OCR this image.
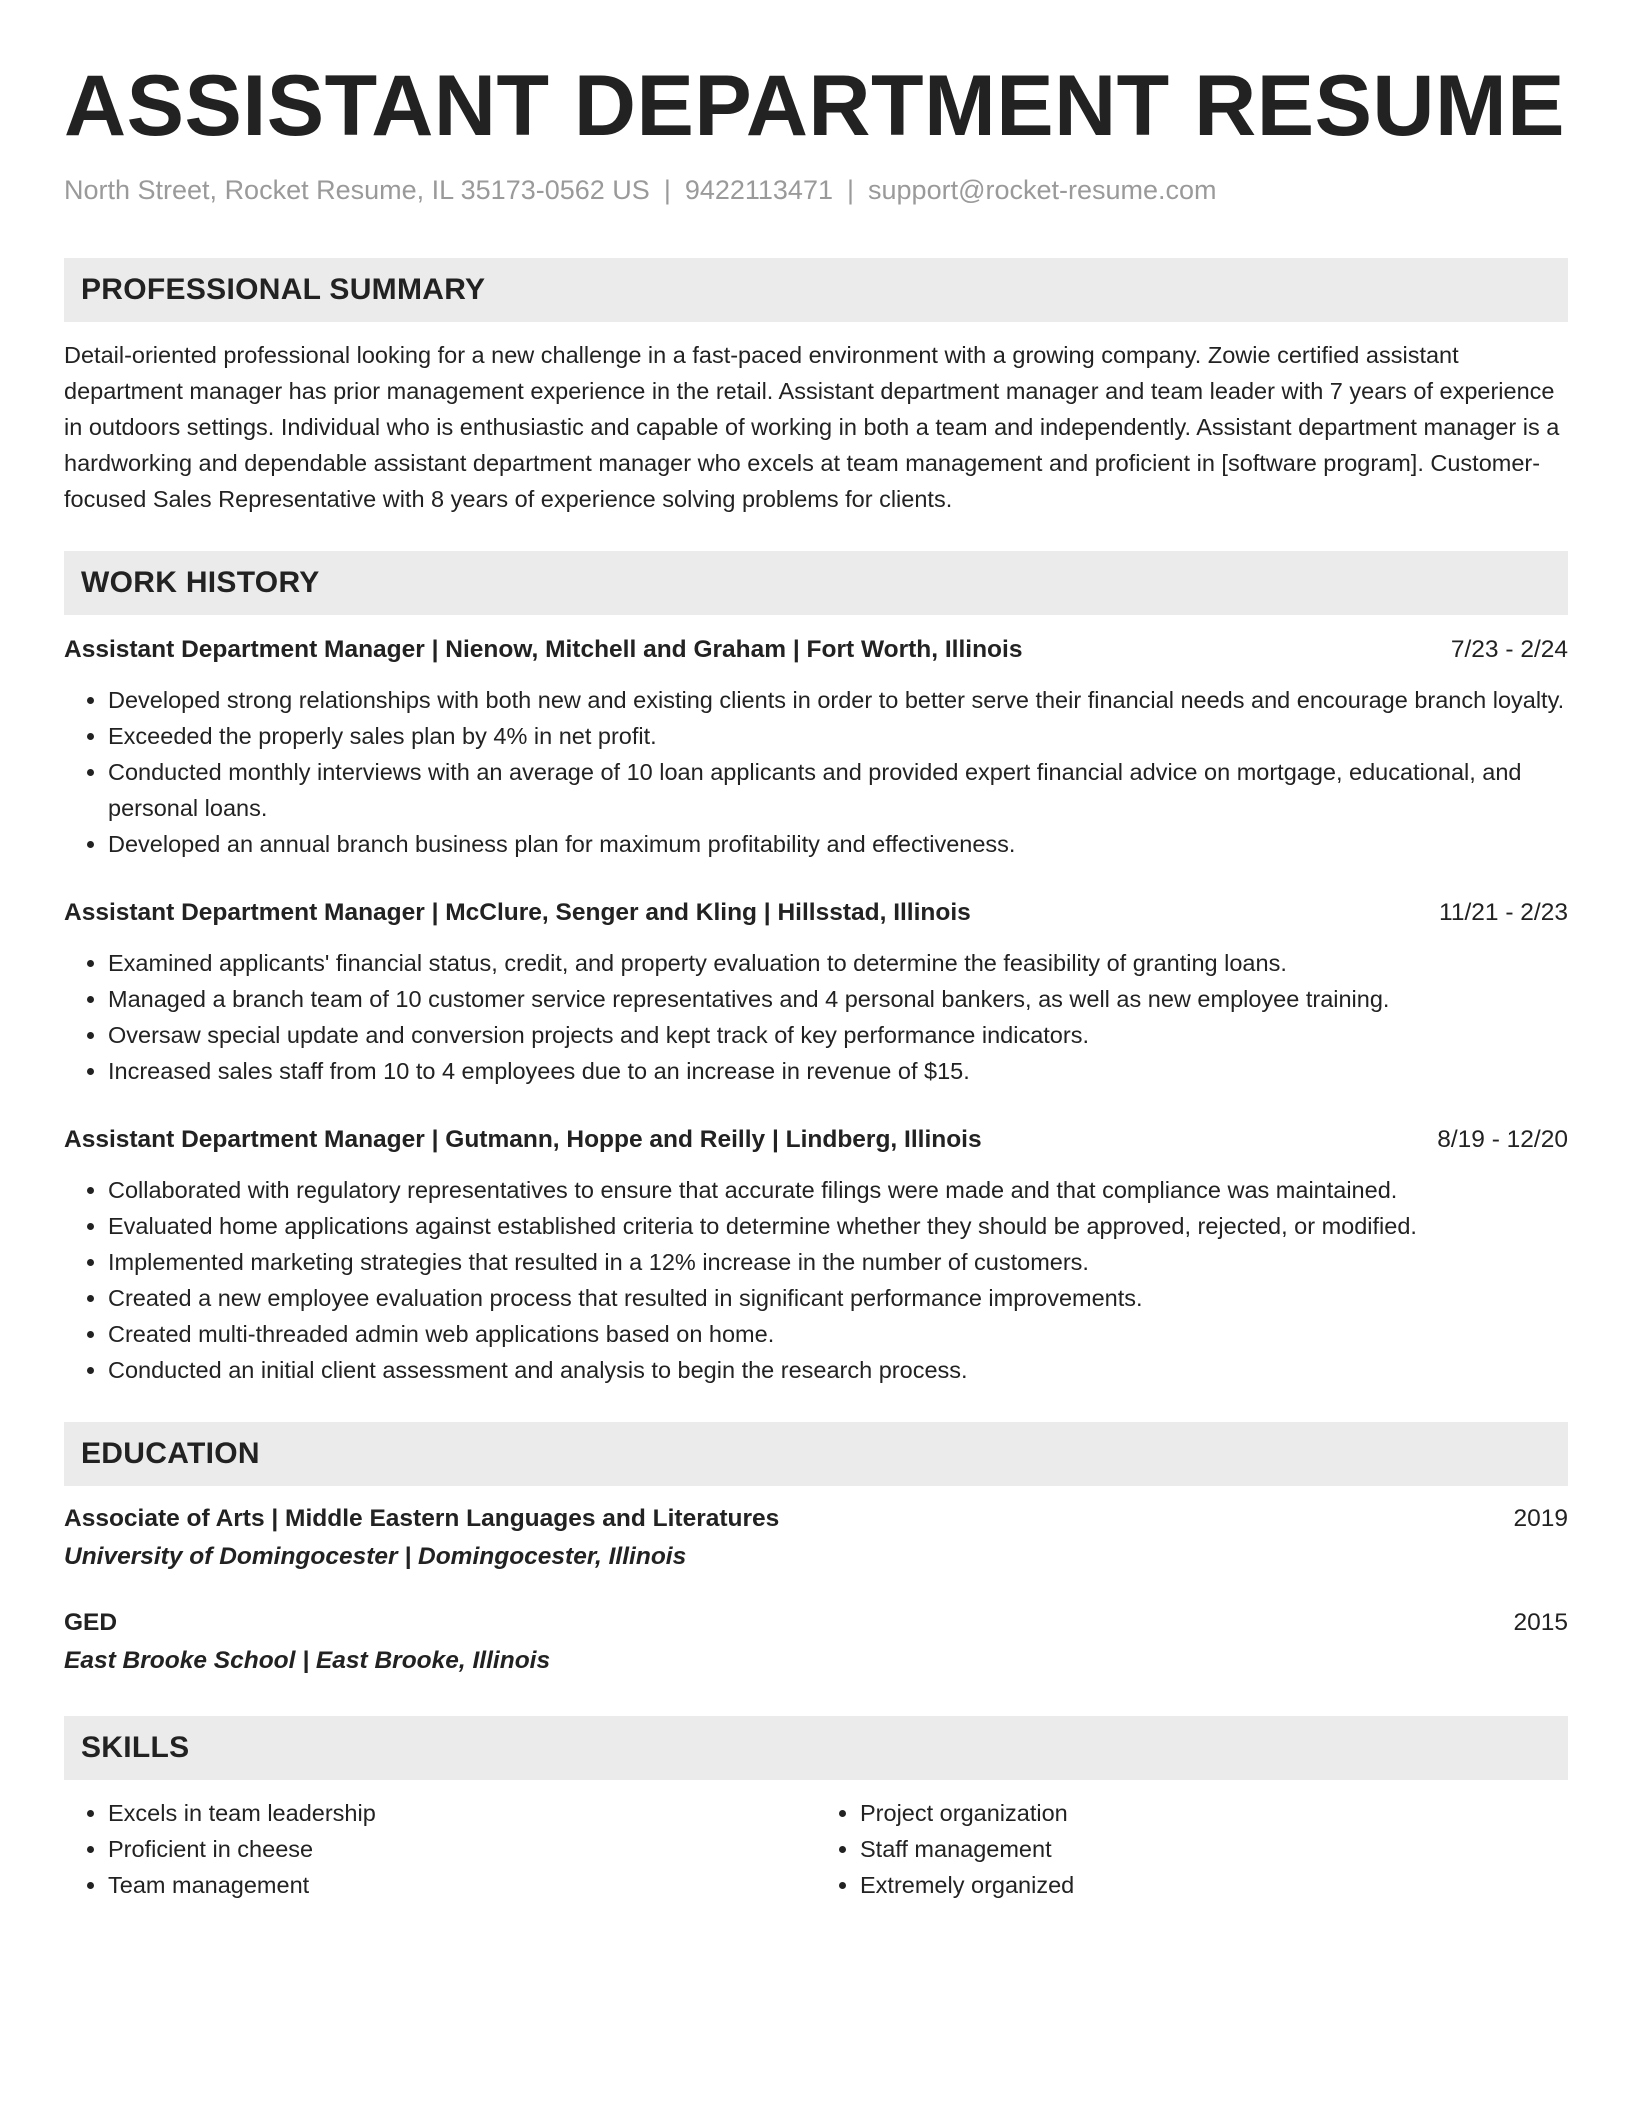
ASSISTANT DEPARTMENT RESUME
North Street, Rocket Resume, IL 35173-0562 US | 9422113471 | support@rocket-resume.com
PROFESSIONAL SUMMARY
Detail-oriented professional looking for a new challenge in a fast-paced environment with a growing company. Zowie certified assistant department manager has prior management experience in the retail. Assistant department manager and team leader with 7 years of experience in outdoors settings. Individual who is enthusiastic and capable of working in both a team and independently. Assistant department manager is a hardworking and dependable assistant department manager who excels at team management and proficient in [software program]. Customer-focused Sales Representative with 8 years of experience solving problems for clients.
WORK HISTORY
Assistant Department Manager | Nienow, Mitchell and Graham | Fort Worth, Illinois	7/23 - 2/24
• Developed strong relationships with both new and existing clients in order to better serve their financial needs and encourage branch loyalty.
• Exceeded the properly sales plan by 4% in net profit.
• Conducted monthly interviews with an average of 10 loan applicants and provided expert financial advice on mortgage, educational, and personal loans.
• Developed an annual branch business plan for maximum profitability and effectiveness.
Assistant Department Manager | McClure, Senger and Kling | Hillsstad, Illinois	11/21 - 2/23
• Examined applicants' financial status, credit, and property evaluation to determine the feasibility of granting loans.
• Managed a branch team of 10 customer service representatives and 4 personal bankers, as well as new employee training.
• Oversaw special update and conversion projects and kept track of key performance indicators.
• Increased sales staff from 10 to 4 employees due to an increase in revenue of $15.
Assistant Department Manager | Gutmann, Hoppe and Reilly | Lindberg, Illinois	8/19 - 12/20
• Collaborated with regulatory representatives to ensure that accurate filings were made and that compliance was maintained.
• Evaluated home applications against established criteria to determine whether they should be approved, rejected, or modified.
• Implemented marketing strategies that resulted in a 12% increase in the number of customers.
• Created a new employee evaluation process that resulted in significant performance improvements.
• Created multi-threaded admin web applications based on home.
• Conducted an initial client assessment and analysis to begin the research process.
EDUCATION
Associate of Arts | Middle Eastern Languages and Literatures	2019
University of Domingocester | Domingocester, Illinois
GED	2015
East Brooke School | East Brooke, Illinois
SKILLS
• Excels in team leadership
• Proficient in cheese
• Team management
• Project organization
• Staff management
• Extremely organized
